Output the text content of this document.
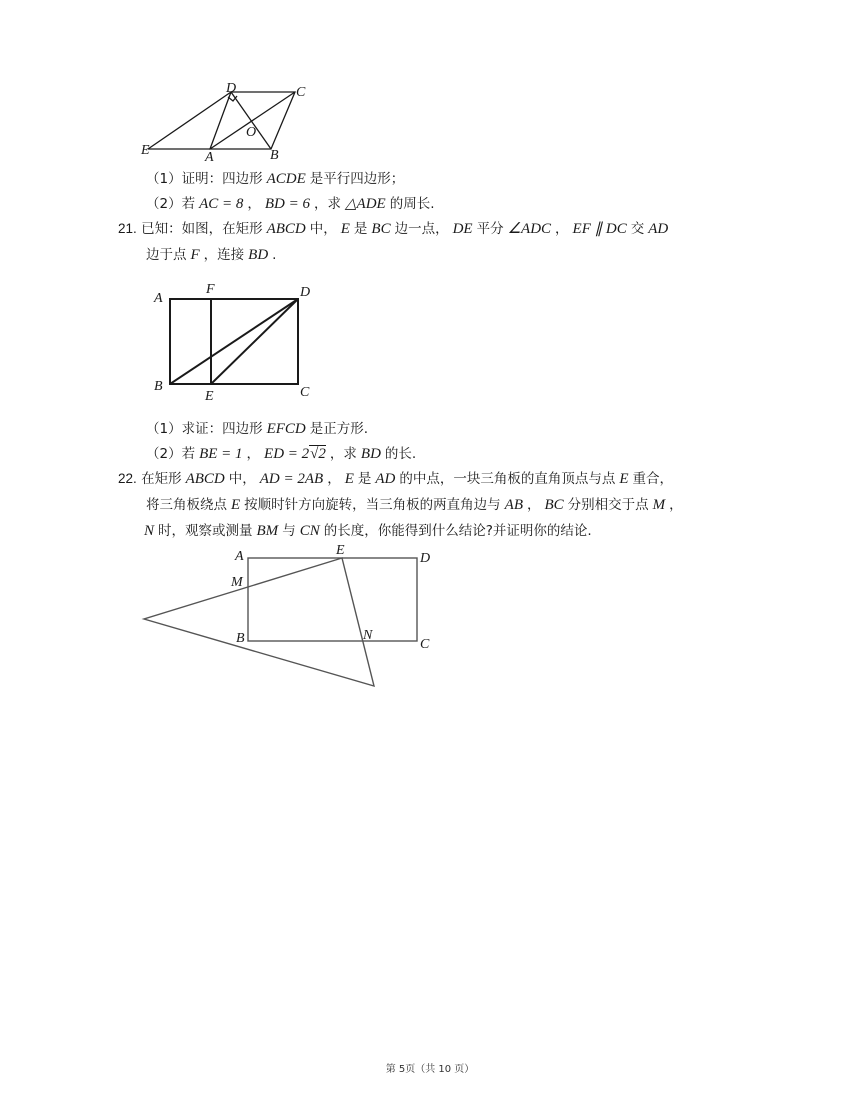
D	C
O
E	A	B
（1）证明：四边形 ACDE 是平行四边形；
（2）若 AC = 8 ， BD = 6 ，求 △ADE 的周长.
21. 已知：如图，在矩形 ABCD 中， E 是 BC 边一点， DE 平分 ∠ADC ， EF ∥ DC 交 AD
边于点 F ，连接 BD .
A
F	D
B
E	C
（1）求证：四边形 EFCD 是正方形.
（2）若 BE = 1 ， ED = 2√2 ，求 BD 的长.
22. 在矩形 ABCD 中， AD = 2AB ， E 是 AD 的中点，一块三角板的直角顶点与点 E 重合，
将三角板绕点 E 按顺时针方向旋转，当三角板的两直角边与 AB ， BC 分别相交于点 M ，
N 时，观察或测量 BM 与 CN 的长度，你能得到什么结论?并证明你的结论.
A	E
D
M
B	N
C
第 5页（共 10 页）
